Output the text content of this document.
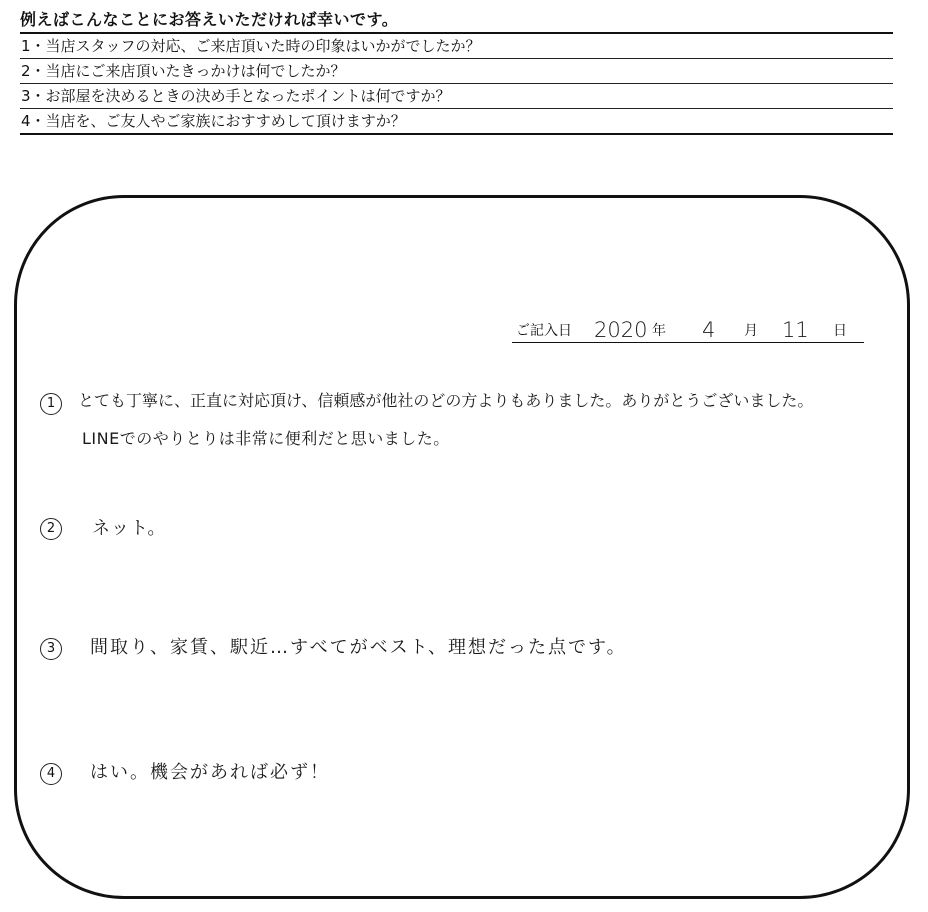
例えばこんなことにお答えいただければ幸いです。
1・当店スタッフの対応、ご来店頂いた時の印象はいかがでしたか？
2・当店にご来店頂いたきっかけは何でしたか？
3・お部屋を決めるときの決め手となったポイントは何ですか？
4・当店を、ご友人やご家族におすすめして頂けますか？
ご記入日 2020 年 4 月 11 日
1	とても丁寧に、正直に対応頂け、信頼感が他社のどの方よりもありました。ありがとうございました。
LINEでのやりとりは非常に便利だと思いました。
2	ネット。
3	間取り、家賃、駅近…すべてがベスト、理想だった点です。
4	はい。機会があれば必ず！
